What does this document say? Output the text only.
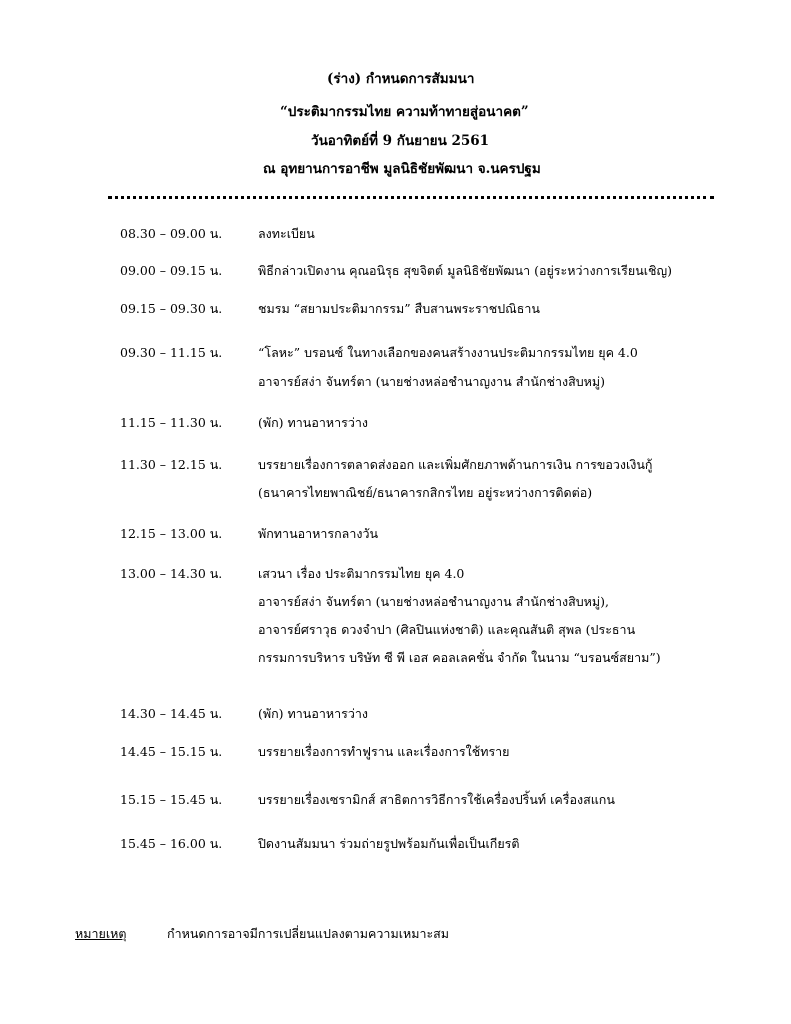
(ร่าง) กำหนดการสัมมนา
“ประติมากรรมไทย ความท้าทายสู่อนาคต”
วันอาทิตย์ที่ 9 กันยายน 2561
ณ อุทยานการอาชีพ มูลนิธิชัยพัฒนา จ.นครปฐม
08.30 – 09.00 น.	ลงทะเบียน
09.00 – 09.15 น.	พิธีกล่าวเปิดงาน คุณอนิรุธ สุขจิตต์ มูลนิธิชัยพัฒนา (อยู่ระหว่างการเรียนเชิญ)
09.15 – 09.30 น.	ชมรม “สยามประติมากรรม” สืบสานพระราชปณิธาน
09.30 – 11.15 น.	“โลหะ” บรอนซ์ ในทางเลือกของคนสร้างงานประติมากรรมไทย ยุค 4.0
อาจารย์สง่า จันทร์ตา (นายช่างหล่อชำนาญงาน สำนักช่างสิบหมู่)
11.15 – 11.30 น.	(พัก) ทานอาหารว่าง
11.30 – 12.15 น.	บรรยายเรื่องการตลาดส่งออก และเพิ่มศักยภาพด้านการเงิน การขอวงเงินกู้
(ธนาคารไทยพาณิชย์/ธนาคารกสิกรไทย อยู่ระหว่างการติดต่อ)
12.15 – 13.00 น.	พักทานอาหารกลางวัน
13.00 – 14.30 น.	เสวนา เรื่อง ประติมากรรมไทย ยุค 4.0
อาจารย์สง่า จันทร์ตา (นายช่างหล่อชำนาญงาน สำนักช่างสิบหมู่),
อาจารย์ศราวุธ ดวงจำปา (ศิลปินแห่งชาติ) และคุณสันติ สุพล (ประธาน
กรรมการบริหาร บริษัท ซี พี เอส คอลเลคชั่น จำกัด ในนาม “บรอนซ์สยาม”)
14.30 – 14.45 น.	(พัก) ทานอาหารว่าง
14.45 – 15.15 น.	บรรยายเรื่องการทำฟูราน และเรื่องการใช้ทราย
15.15 – 15.45 น.	บรรยายเรื่องเซรามิกส์ สาธิตการวิธีการใช้เครื่องปริ้นท์ เครื่องสแกน
15.45 – 16.00 น.	ปิดงานสัมมนา ร่วมถ่ายรูปพร้อมกันเพื่อเป็นเกียรติ
หมายเหตุ	กำหนดการอาจมีการเปลี่ยนแปลงตามความเหมาะสม
